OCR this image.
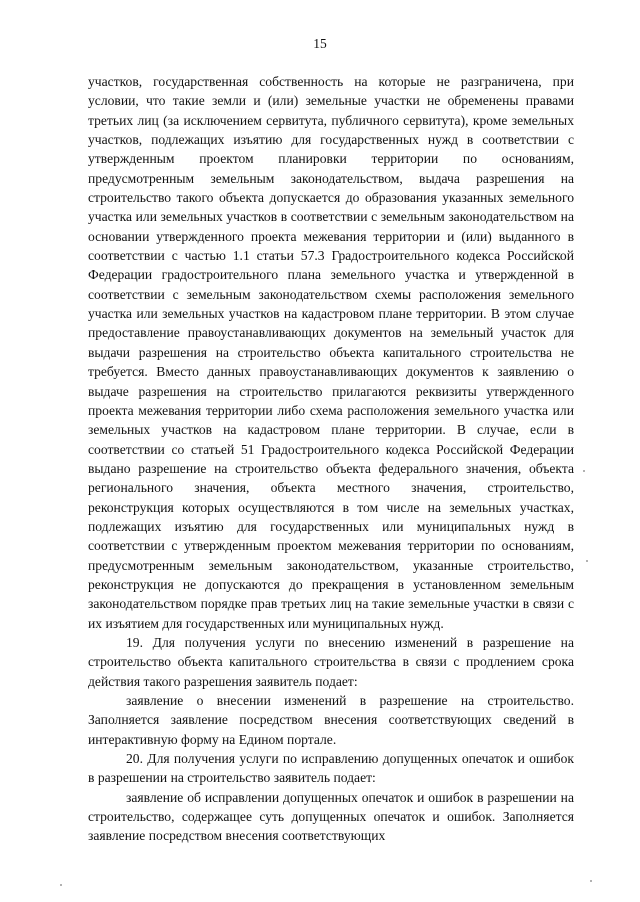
15

участков, государственная собственность на которые не разграничена, при условии, что такие земли и (или) земельные участки не обременены правами третьих лиц (за исключением сервитута, публичного сервитута), кроме земельных участков, подлежащих изъятию для государственных нужд в соответствии с утвержденным проектом планировки территории по основаниям, предусмотренным земельным законодательством, выдача разрешения на строительство такого объекта допускается до образования указанных земельного участка или земельных участков в соответствии с земельным законодательством на основании утвержденного проекта межевания территории и (или) выданного в соответствии с частью 1.1 статьи 57.3 Градостроительного кодекса Российской Федерации градостроительного плана земельного участка и утвержденной в соответствии с земельным законодательством схемы расположения земельного участка или земельных участков на кадастровом плане территории. В этом случае предоставление правоустанавливающих документов на земельный участок для выдачи разрешения на строительство объекта капитального строительства не требуется. Вместо данных правоустанавливающих документов к заявлению о выдаче разрешения на строительство прилагаются реквизиты утвержденного проекта межевания территории либо схема расположения земельного участка или земельных участков на кадастровом плане территории. В случае, если в соответствии со статьей 51 Градостроительного кодекса Российской Федерации выдано разрешение на строительство объекта федерального значения, объекта регионального значения, объекта местного значения, строительство, реконструкция которых осуществляются в том числе на земельных участках, подлежащих изъятию для государственных или муниципальных нужд в соответствии с утвержденным проектом межевания территории по основаниям, предусмотренным земельным законодательством, указанные строительство, реконструкция не допускаются до прекращения в установленном земельным законодательством порядке прав третьих лиц на такие земельные участки в связи с их изъятием для государственных или муниципальных нужд.

19. Для получения услуги по внесению изменений в разрешение на строительство объекта капитального строительства в связи с продлением срока действия такого разрешения заявитель подает:

заявление о внесении изменений в разрешение на строительство. Заполняется заявление посредством внесения соответствующих сведений в интерактивную форму на Едином портале.

20. Для получения услуги по исправлению допущенных опечаток и ошибок в разрешении на строительство заявитель подает:

заявление об исправлении допущенных опечаток и ошибок в разрешении на строительство, содержащее суть допущенных опечаток и ошибок. Заполняется заявление посредством внесения соответствующих
